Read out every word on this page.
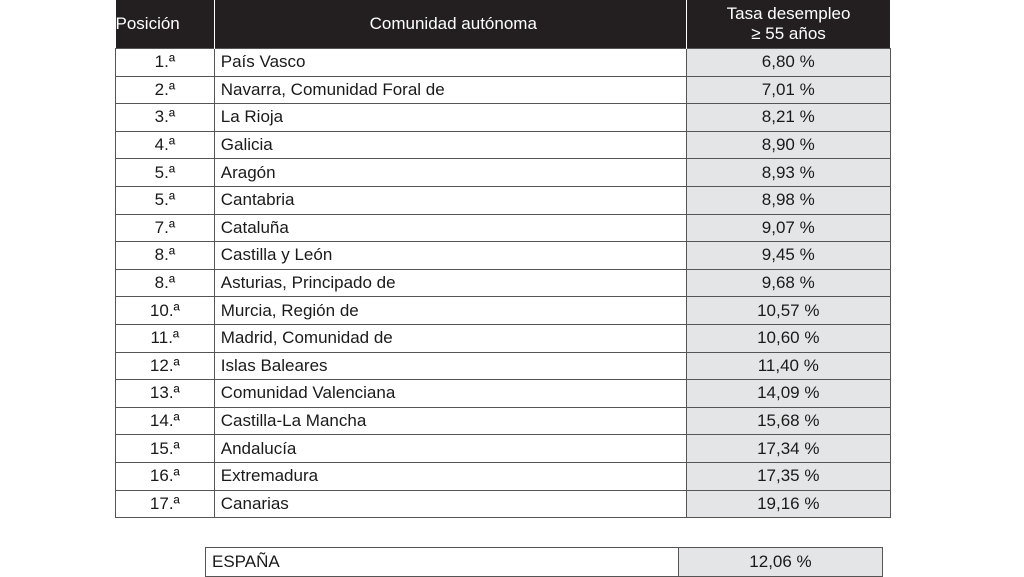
Posición	Comunidad autónoma	Tasa desempleo
≥ 55 años

1.ª	País Vasco	6,80 %
2.ª	Navarra, Comunidad Foral de	7,01 %
3.ª	La Rioja	8,21 %
4.ª	Galicia	8,90 %
5.ª	Aragón	8,93 %
5.ª	Cantabria	8,98 %
7.ª	Cataluña	9,07 %
8.ª	Castilla y León	9,45 %
8.ª	Asturias, Principado de	9,68 %
10.ª	Murcia, Región de	10,57 %
11.ª	Madrid, Comunidad de	10,60 %
12.ª	Islas Baleares	11,40 %
13.ª	Comunidad Valenciana	14,09 %
14.ª	Castilla-La Mancha	15,68 %
15.ª	Andalucía	17,34 %
16.ª	Extremadura	17,35 %
17.ª	Canarias	19,16 %
ESPAÑA	12,06 %
